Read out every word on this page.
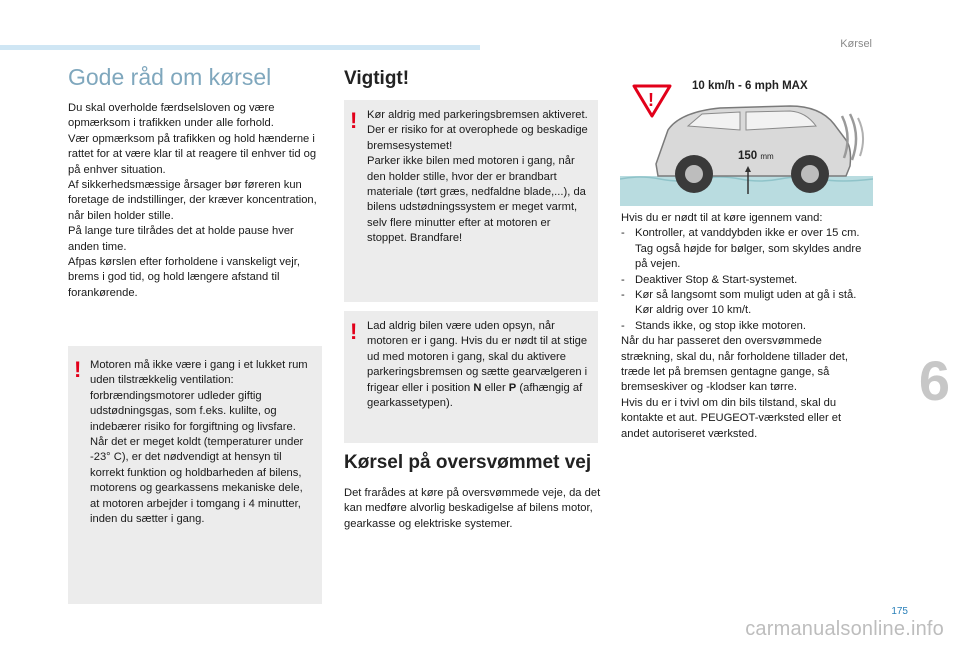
Kørsel
6
175
carmanualsonline.info
Gode råd om kørsel

Du skal overholde færdselsloven og være opmærksom i trafikken under alle forhold.

Vær opmærksom på trafikken og hold hænderne i rattet for at være klar til at reagere til enhver tid og på enhver situation.

Af sikkerhedsmæssige årsager bør føreren kun foretage de indstillinger, der kræver koncentration, når bilen holder stille.

På lange ture tilrådes det at holde pause hver anden time.

Afpas kørslen efter forholdene i vanskeligt vejr, brems i god tid, og hold længere afstand til forankørende.

! Motoren må ikke være i gang i et lukket rum uden tilstrækkelig ventilation: forbrændingsmotorer udleder giftig udstødningsgas, som f.eks. kulilte, og indebærer risiko for forgiftning og livsfare. Når det er meget koldt (temperaturer under -23° C), er det nødvendigt at hensyn til korrekt funktion og holdbarheden af bilens, motorens og gearkassens mekaniske dele, at motoren arbejder i tomgang i 4 minutter, inden du sætter i gang.

Vigtigt!
! Kør aldrig med parkeringsbremsen aktiveret. Der er risiko for at overophede og beskadige bremsesystemet!

Parker ikke bilen med motoren i gang, når den holder stille, hvor der er brandbart materiale (tørt græs, nedfaldne blade,...), da bilens udstødningssystem er meget varmt, selv flere minutter efter at motoren er stoppet. Brandfare!

! Lad aldrig bilen være uden opsyn, når motoren er i gang. Hvis du er nødt til at stige ud med motoren i gang, skal du aktivere parkeringsbremsen og sætte gearvælgeren i frigear eller i position N eller P (afhængig af gearkassetypen).

Kørsel på oversvømmet vej

Det frarådes at køre på oversvømmede veje, da det kan medføre alvorlig beskadigelse af bilens motor, gearkasse og elektriske systemer.

!
10 km/h - 6 mph MAX
150 mm

Hvis du er nødt til at køre igennem vand:

- Kontroller, at vanddybden ikke er over 15 cm. Tag også højde for bølger, som skyldes andre på vejen.
- Deaktiver Stop & Start-systemet.
- Kør så langsomt som muligt uden at gå i stå. Kør aldrig over 10 km/t.
- Stands ikke, og stop ikke motoren.

Når du har passeret den oversvømmede strækning, skal du, når forholdene tillader det, træde let på bremsen gentagne gange, så bremseskiver og -klodser kan tørre.

Hvis du er i tvivl om din bils tilstand, skal du kontakte et aut. PEUGEOT-værksted eller et andet autoriseret værksted.
